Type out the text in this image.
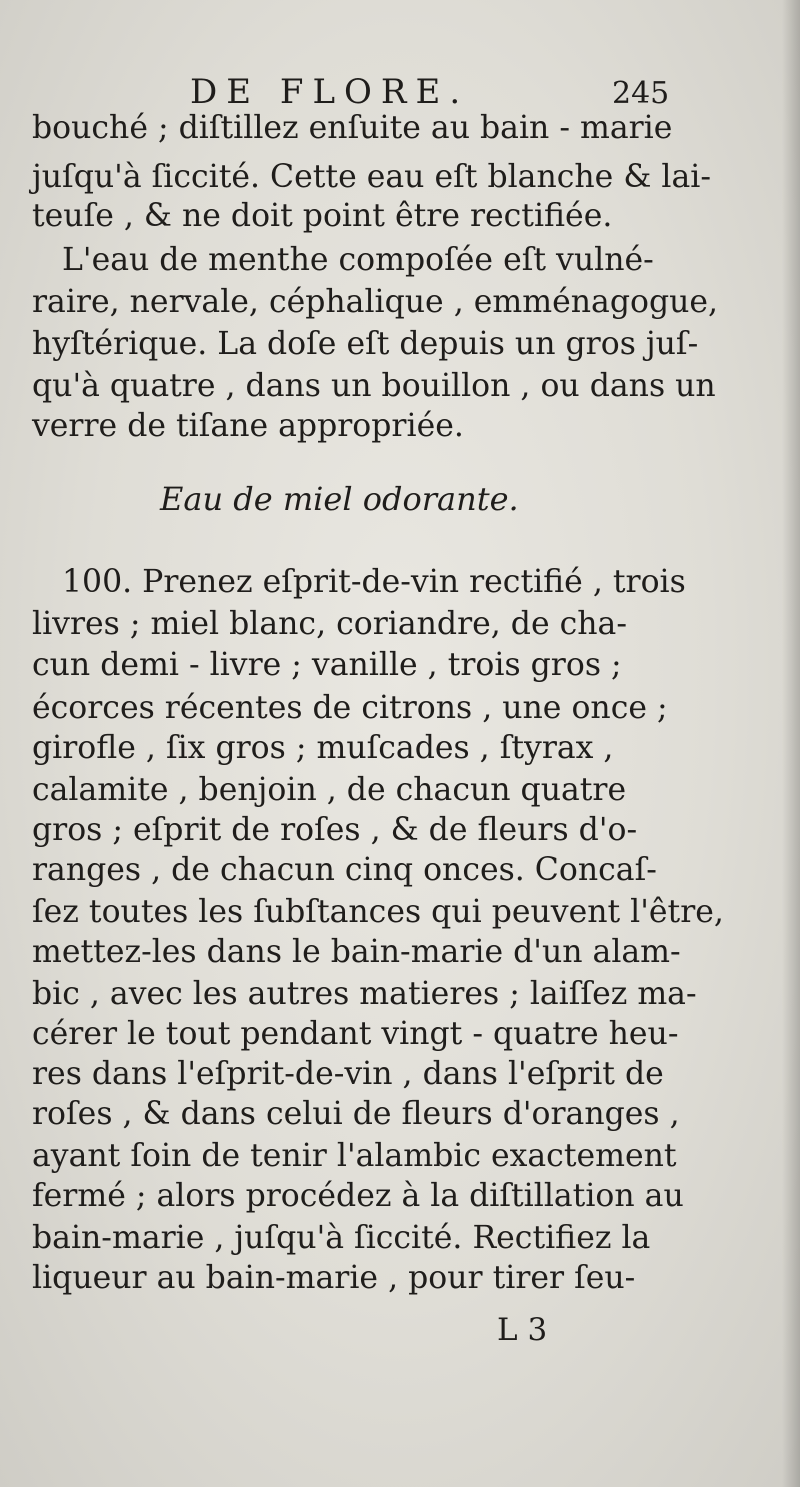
DE FLORE.	245
bouché ; diſtillez enſuite au bain - marie
juſqu'à ſiccité. Cette eau eſt blanche & lai-
teuſe , & ne doit point être rectifiée.
L'eau de menthe compoſée eſt vulné-
raire, nervale, céphalique , emménagogue,
hyſtérique. La doſe eſt depuis un gros juſ-
qu'à quatre , dans un bouillon , ou dans un
verre de tiſane appropriée.
Eau de miel odorante.
100. Prenez eſprit-de-vin rectifié , trois
livres ; miel blanc, coriandre, de cha-
cun demi - livre ; vanille , trois gros ;
écorces récentes de citrons , une once ;
girofle , ſix gros ; muſcades , ſtyrax ,
calamite , benjoin , de chacun quatre
gros ; eſprit de roſes , & de fleurs d'o-
ranges , de chacun cinq onces. Concaſ-
ſez toutes les ſubſtances qui peuvent l'être,
mettez-les dans le bain-marie d'un alam-
bic , avec les autres matieres ; laiſſez ma-
cérer le tout pendant vingt - quatre heu-
res dans l'eſprit-de-vin , dans l'eſprit de
roſes , & dans celui de fleurs d'oranges ,
ayant ſoin de tenir l'alambic exactement
fermé ; alors procédez à la diſtillation au
bain-marie , juſqu'à ſiccité. Rectifiez la
liqueur au bain-marie , pour tirer ſeu-
L 3
